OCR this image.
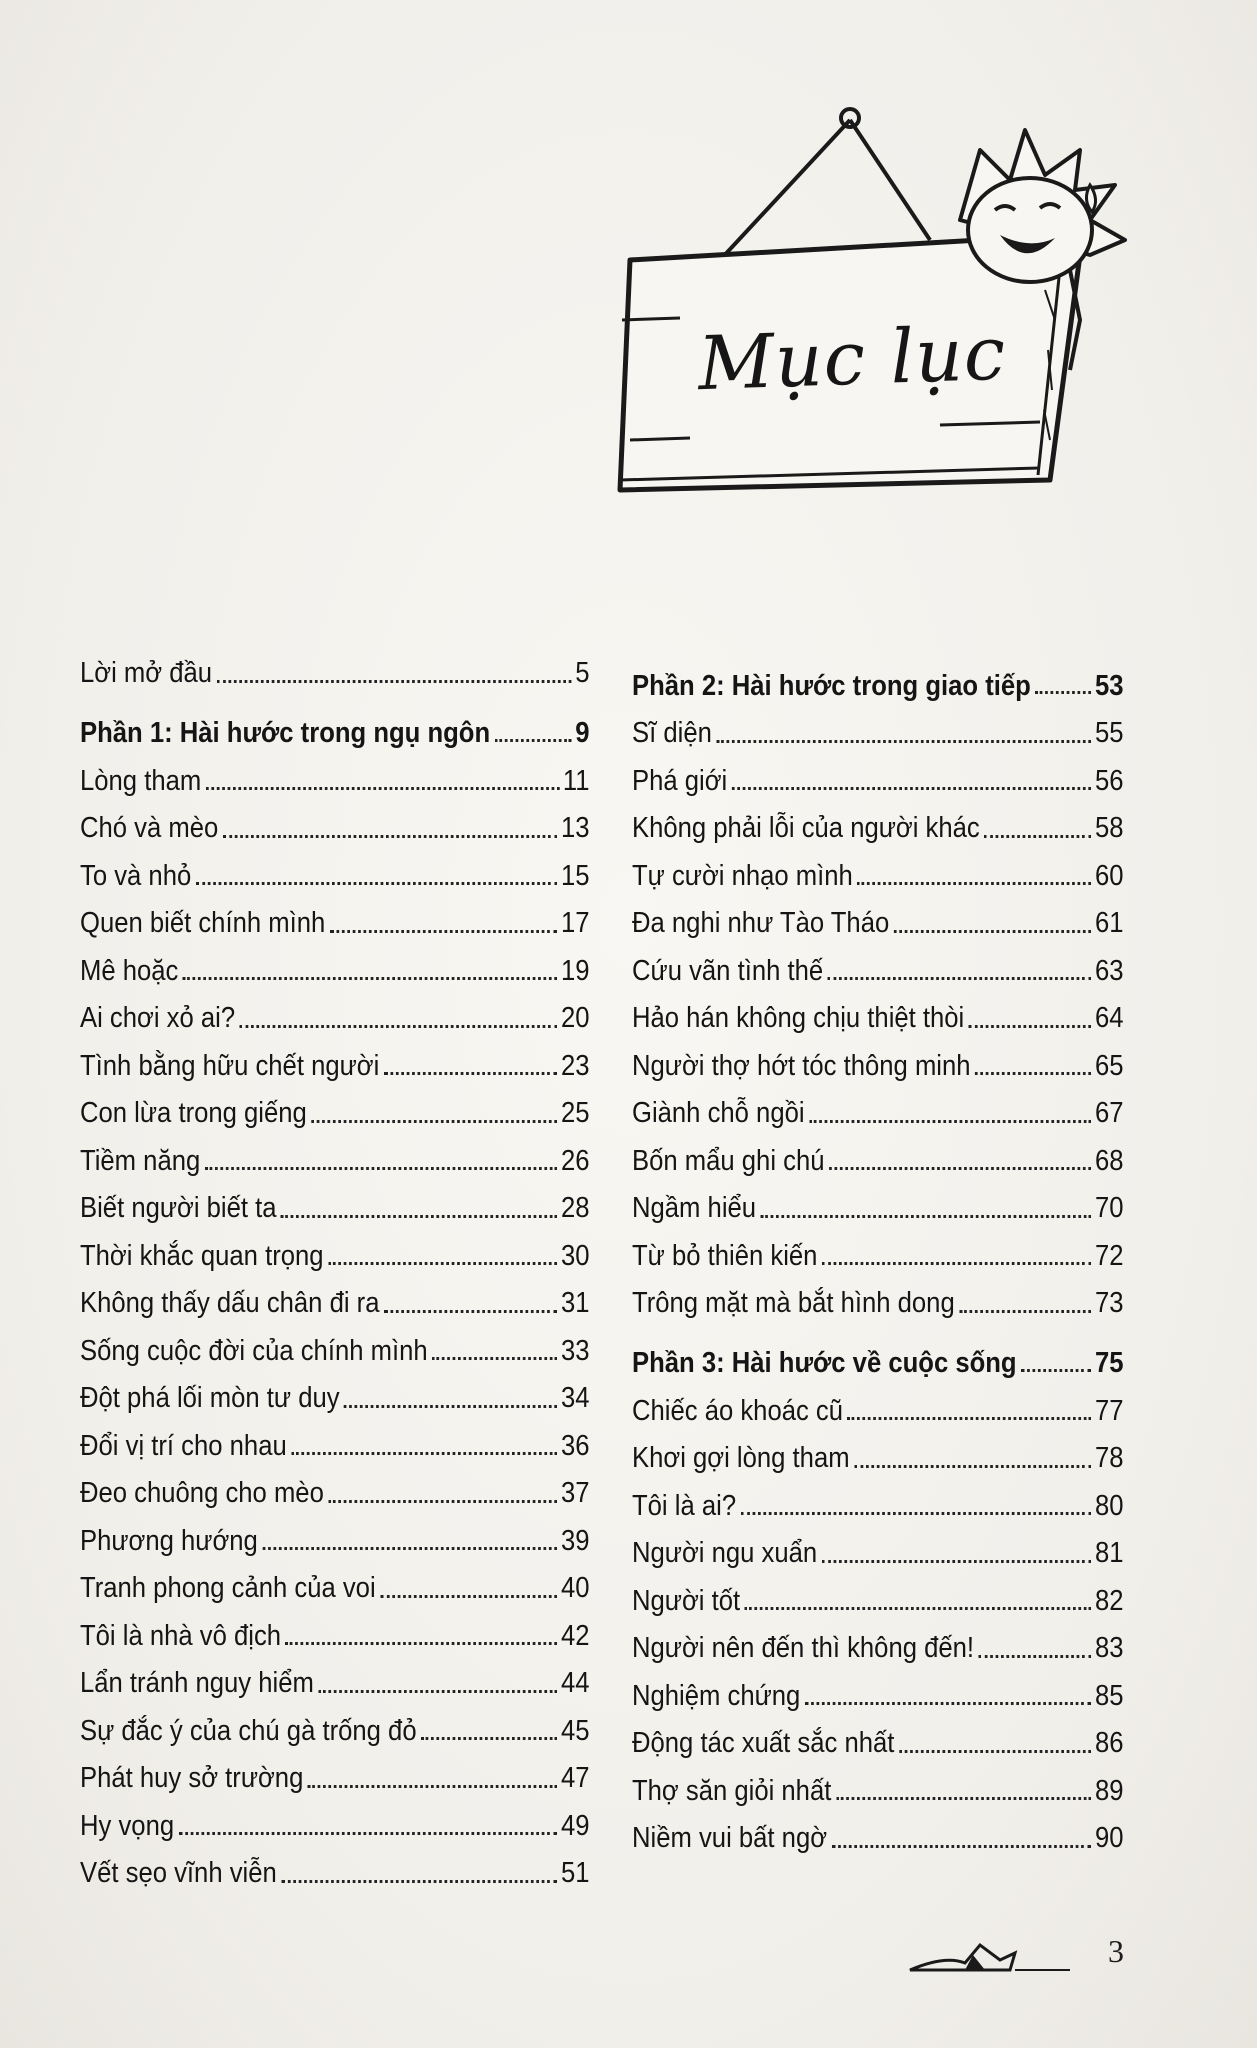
Mục lục
Lời mở đầu	5
Phần 1: Hài hước trong ngụ ngôn	9
Lòng tham	11
Chó và mèo	13
To và nhỏ	15
Quen biết chính mình	17
Mê hoặc	19
Ai chơi xỏ ai?	20
Tình bằng hữu chết người	23
Con lừa trong giếng	25
Tiềm năng	26
Biết người biết ta	28
Thời khắc quan trọng	30
Không thấy dấu chân đi ra	31
Sống cuộc đời của chính mình	33
Đột phá lối mòn tư duy	34
Đổi vị trí cho nhau	36
Đeo chuông cho mèo	37
Phương hướng	39
Tranh phong cảnh của voi	40
Tôi là nhà vô địch	42
Lẩn tránh nguy hiểm	44
Sự đắc ý của chú gà trống đỏ	45
Phát huy sở trường	47
Hy vọng	49
Vết sẹo vĩnh viễn	51
Phần 2: Hài hước trong giao tiếp 53
Sĩ diện	55
Phá giới	56
Không phải lỗi của người khác	58
Tự cười nhạo mình	60
Đa nghi như Tào Tháo	61
Cứu vãn tình thế	63
Hảo hán không chịu thiệt thòi	64
Người thợ hớt tóc thông minh	65
Giành chỗ ngồi	67
Bốn mẩu ghi chú	68
Ngầm hiểu	70
Từ bỏ thiên kiến	72
Trông mặt mà bắt hình dong	73
Phần 3: Hài hước về cuộc sống	75
Chiếc áo khoác cũ	77
Khơi gợi lòng tham	78
Tôi là ai?	80
Người ngu xuẩn	81
Người tốt	82
Người nên đến thì không đến!	83
Nghiệm chứng	85
Động tác xuất sắc nhất	86
Thợ săn giỏi nhất	89
Niềm vui bất ngờ	90
3
